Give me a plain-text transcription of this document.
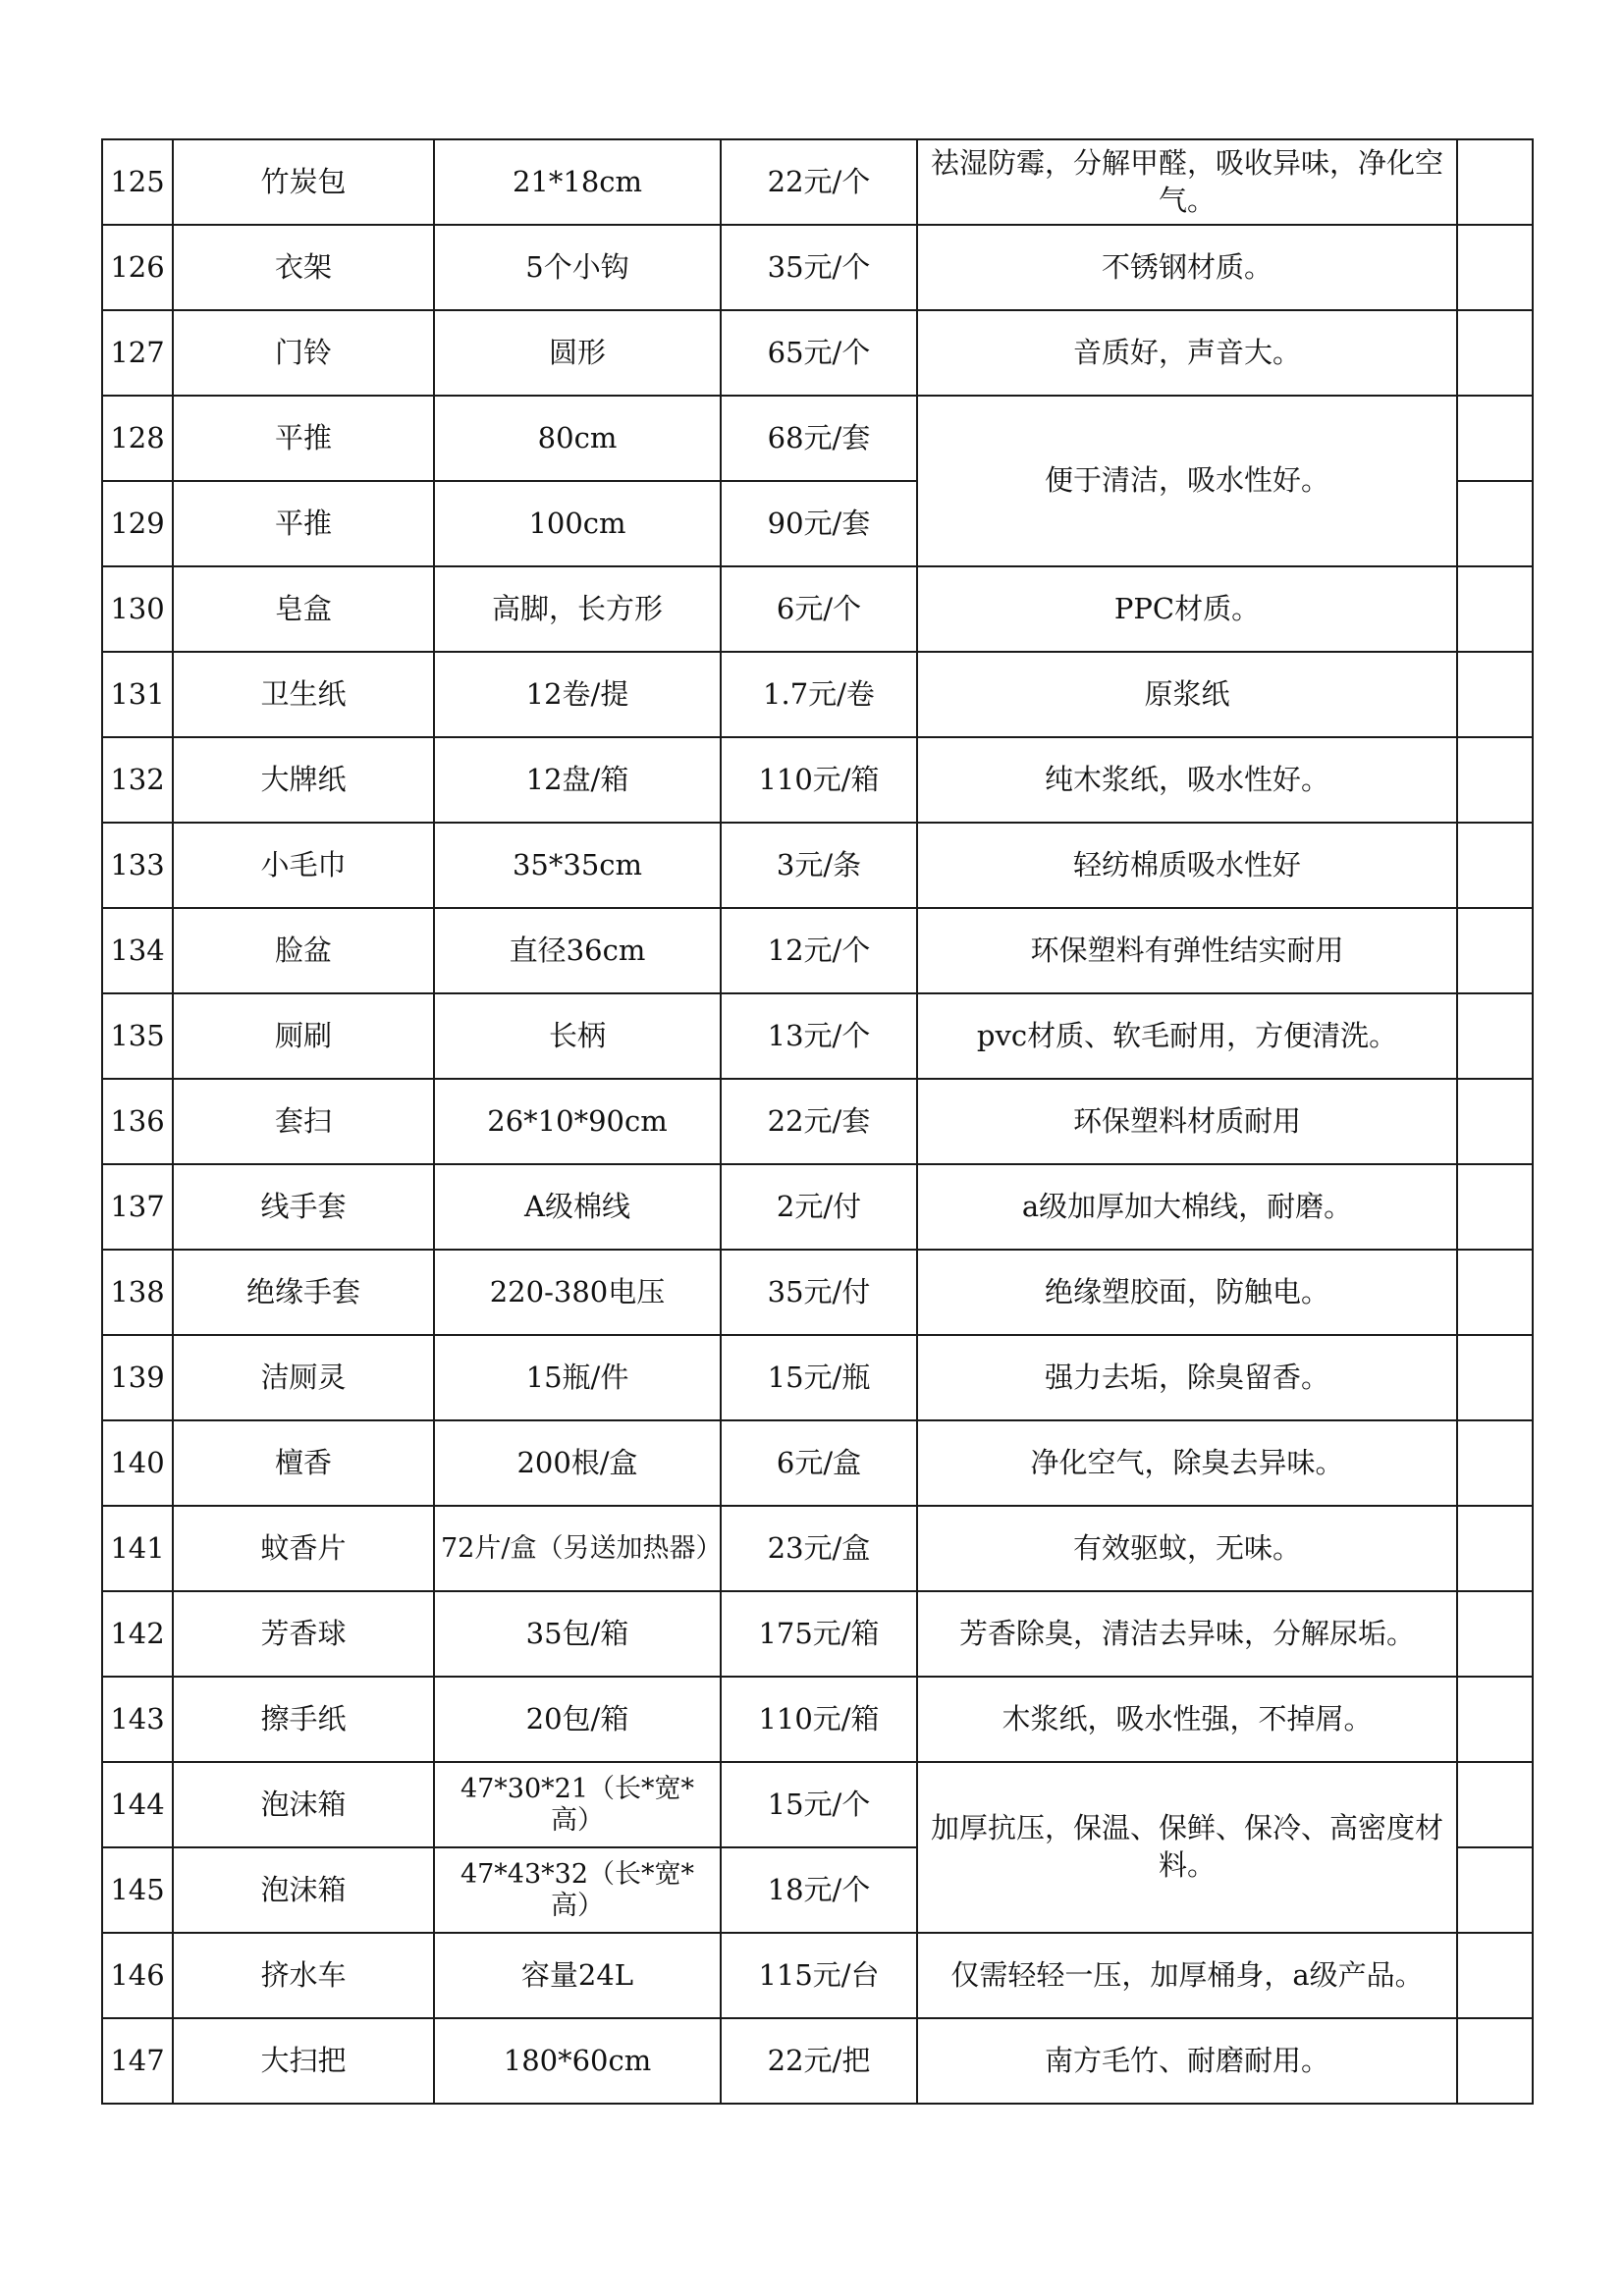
125	竹炭包	21*18cm	22元/个	祛湿防霉，分解甲醛，吸收异味，净化空气。	
126	衣架	5个小钩	35元/个	不锈钢材质。	
127	门铃	圆形	65元/个	音质好，声音大。	
128	平推	80cm	68元/套	便于清洁，吸水性好。	
129	平推	100cm	90元/套		
130	皂盒	高脚，长方形	6元/个	PPC材质。	
131	卫生纸	12卷/提	1.7元/卷	原浆纸	
132	大牌纸	12盘/箱	110元/箱	纯木浆纸，吸水性好。	
133	小毛巾	35*35cm	3元/条	轻纺棉质吸水性好	
134	脸盆	直径36cm	12元/个	环保塑料有弹性结实耐用	
135	厕刷	长柄	13元/个	pvc材质、软毛耐用，方便清洗。	
136	套扫	26*10*90cm	22元/套	环保塑料材质耐用	
137	线手套	A级棉线	2元/付	a级加厚加大棉线，耐磨。	
138	绝缘手套	220-380电压	35元/付	绝缘塑胶面，防触电。	
139	洁厕灵	15瓶/件	15元/瓶	强力去垢，除臭留香。	
140	檀香	200根/盒	6元/盒	净化空气，除臭去异味。	
141	蚊香片	72片/盒（另送加热器）	23元/盒	有效驱蚊，无味。	
142	芳香球	35包/箱	175元/箱	芳香除臭，清洁去异味，分解尿垢。	
143	擦手纸	20包/箱	110元/箱	木浆纸，吸水性强，不掉屑。	
144	泡沫箱	47*30*21（长*宽*高）	15元/个	加厚抗压，保温、保鲜、保冷、高密度材料。	
145	泡沫箱	47*43*32（长*宽*高）	18元/个		
146	挤水车	容量24L	115元/台	仅需轻轻一压，加厚桶身，a级产品。	
147	大扫把	180*60cm	22元/把	南方毛竹、耐磨耐用。	
